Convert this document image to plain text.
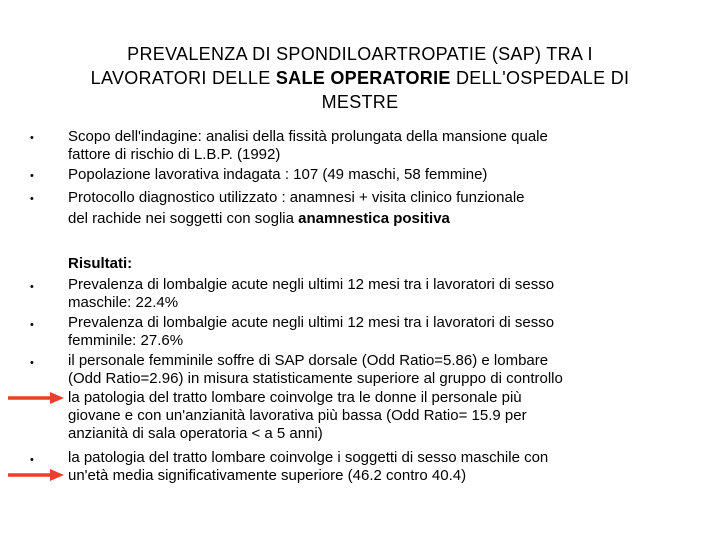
PREVALENZA DI SPONDILOARTROPATIE (SAP) TRA I
LAVORATORI DELLE SALE OPERATORIE DELL'OSPEDALE DI
MESTRE
• Scopo dell'indagine: analisi della fissità prolungata della mansione quale
fattore di rischio di L.B.P. (1992)
• Popolazione lavorativa indagata : 107 (49 maschi, 58 femmine)
• Protocollo diagnostico utilizzato : anamnesi + visita clinico funzionale
del rachide nei soggetti con soglia anamnestica positiva
Risultati:
• Prevalenza di lombalgie acute negli ultimi 12 mesi tra i lavoratori di sesso
maschile: 22.4%
• Prevalenza di lombalgie acute negli ultimi 12 mesi tra i lavoratori di sesso
femminile: 27.6%
• il personale femminile soffre di SAP dorsale (Odd Ratio=5.86) e lombare
(Odd Ratio=2.96) in misura statisticamente superiore al gruppo di controllo
la patologia del tratto lombare coinvolge tra le donne il personale più
giovane e con un'anzianità lavorativa più bassa (Odd Ratio= 15.9 per
anzianità di sala operatoria < a 5 anni)
• la patologia del tratto lombare coinvolge i soggetti di sesso maschile con
un'età media significativamente superiore (46.2 contro 40.4)
